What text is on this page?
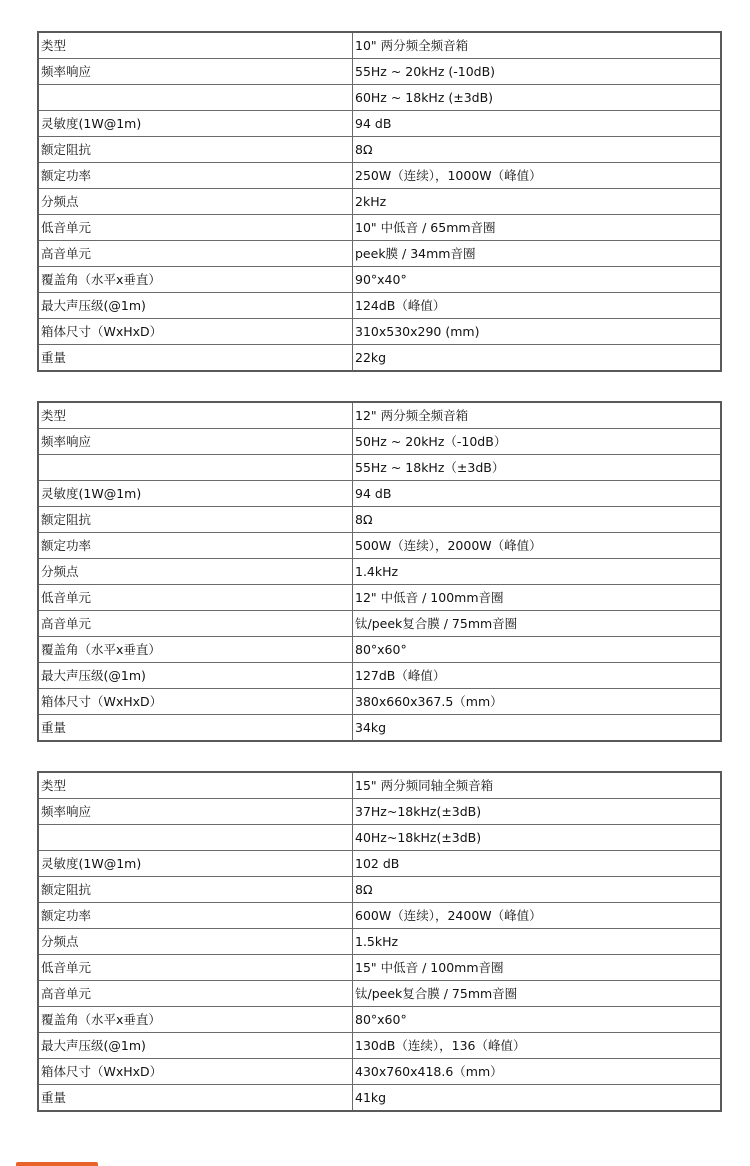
类型	10" 两分频全频音箱
频率响应	55Hz ~ 20kHz (-10dB)
	60Hz ~ 18kHz (±3dB)
灵敏度(1W@1m)	94 dB
额定阻抗	8Ω
额定功率	250W（连续），1000W（峰值）
分频点	2kHz
低音单元	10" 中低音 / 65mm音圈
高音单元	peek膜 / 34mm音圈
覆盖角（水平x垂直）	90°x40°
最大声压级(@1m)	124dB（峰值）
箱体尺寸（WxHxD）	310x530x290 (mm)
重量	22kg
类型	12" 两分频全频音箱
频率响应	50Hz ~ 20kHz（-10dB）
	55Hz ~ 18kHz（±3dB）
灵敏度(1W@1m)	94 dB
额定阻抗	8Ω
额定功率	500W（连续），2000W（峰值）
分频点	1.4kHz
低音单元	12" 中低音 / 100mm音圈
高音单元	钛/peek复合膜 / 75mm音圈
覆盖角（水平x垂直）	80°x60°
最大声压级(@1m)	127dB（峰值）
箱体尺寸（WxHxD）	380x660x367.5（mm）
重量	34kg
类型	15" 两分频同轴全频音箱
频率响应	37Hz~18kHz(±3dB)
	40Hz~18kHz(±3dB)
灵敏度(1W@1m)	102 dB
额定阻抗	8Ω
额定功率	600W（连续），2400W（峰值）
分频点	1.5kHz
低音单元	15" 中低音 / 100mm音圈
高音单元	钛/peek复合膜 / 75mm音圈
覆盖角（水平x垂直）	80°x60°
最大声压级(@1m)	130dB（连续），136（峰值）
箱体尺寸（WxHxD）	430x760x418.6（mm）
重量	41kg
